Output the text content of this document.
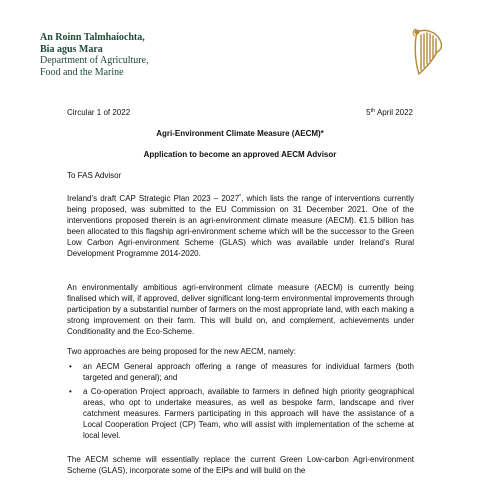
An Roinn Talmhaíochta,
Bia agus Mara
Department of Agriculture,
Food and the Marine
Circular 1 of 2022	5th April 2022
Agri-Environment Climate Measure (AECM)*
Application to become an approved AECM Advisor
To FAS Advisor
Ireland’s draft CAP Strategic Plan 2023 – 2027*, which lists the range of interventions currently being proposed, was submitted to the EU Commission on 31 December 2021. One of the interventions proposed therein is an agri-environment climate measure (AECM). €1.5 billion has been allocated to this flagship agri-environment scheme which will be the successor to the Green Low Carbon Agri-environment Scheme (GLAS) which was available under Ireland’s Rural Development Programme 2014-2020.
An environmentally ambitious agri-environment climate measure (AECM) is currently being finalised which will, if approved, deliver significant long-term environmental improvements through participation by a substantial number of farmers on the most appropriate land, with each making a strong improvement on their farm. This will build on, and complement, achievements under Conditionality and the Eco-Scheme.
Two approaches are being proposed for the new AECM, namely:
• an AECM General approach offering a range of measures for individual farmers (both targeted and general); and
• a Co-operation Project approach, available to farmers in defined high priority geographical areas, who opt to undertake measures, as well as bespoke farm, landscape and river catchment measures. Farmers participating in this approach will have the assistance of a Local Cooperation Project (CP) Team, who will assist with implementation of the scheme at local level.
The AECM scheme will essentially replace the current Green Low-carbon Agri-environment Scheme (GLAS), incorporate some of the EIPs and will build on the
